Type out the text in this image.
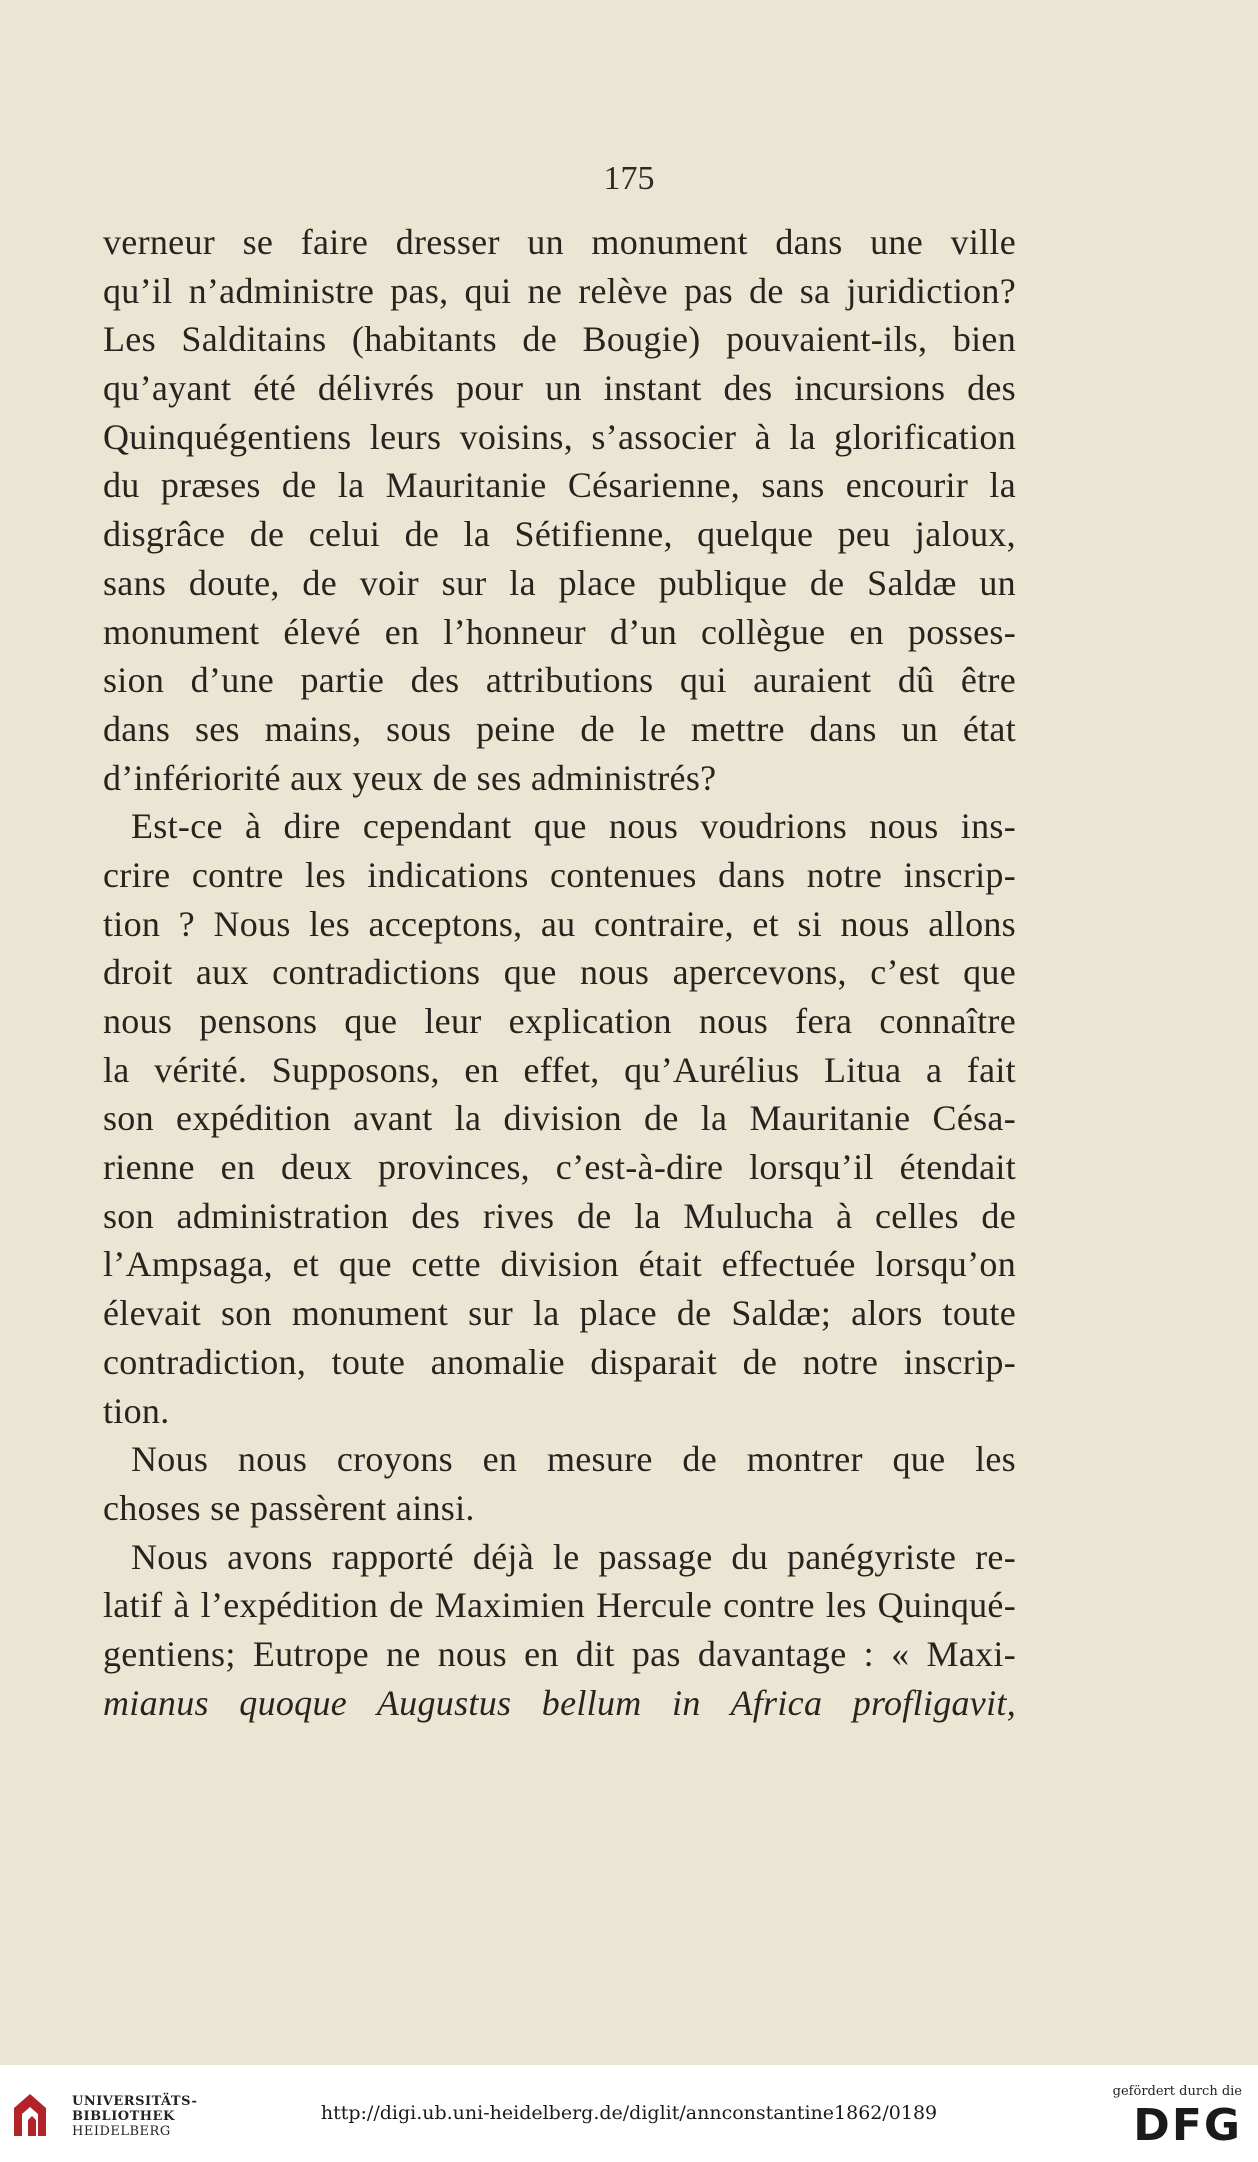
175
verneur se faire dresser un monument dans une ville
qu’il n’administre pas, qui ne relève pas de sa juridiction?
Les Salditains (habitants de Bougie) pouvaient-ils, bien
qu’ayant été délivrés pour un instant des incursions des
Quinquégentiens leurs voisins, s’associer à la glorification
du præses de la Mauritanie Césarienne, sans encourir la
disgrâce de celui de la Sétifienne, quelque peu jaloux,
sans doute, de voir sur la place publique de Saldæ un
monument élevé en l’honneur d’un collègue en posses-
sion d’une partie des attributions qui auraient dû être
dans ses mains, sous peine de le mettre dans un état
d’infériorité aux yeux de ses administrés?
Est-ce à dire cependant que nous voudrions nous ins-
crire contre les indications contenues dans notre inscrip-
tion ? Nous les acceptons, au contraire, et si nous allons
droit aux contradictions que nous apercevons, c’est que
nous pensons que leur explication nous fera connaître
la vérité. Supposons, en effet, qu’Aurélius Litua a fait
son expédition avant la division de la Mauritanie Césa-
rienne en deux provinces, c’est-à-dire lorsqu’il étendait
son administration des rives de la Mulucha à celles de
l’Ampsaga, et que cette division était effectuée lorsqu’on
élevait son monument sur la place de Saldæ; alors toute
contradiction, toute anomalie disparait de notre inscrip-
tion.
Nous nous croyons en mesure de montrer que les
choses se passèrent ainsi.
Nous avons rapporté déjà le passage du panégyriste re-
latif à l’expédition de Maximien Hercule contre les Quinqué-
gentiens; Eutrope ne nous en dit pas davantage : « Maxi-
mianus quoque Augustus bellum in Africa profligavit,
UNIVERSITÄTS-
BIBLIOTHEK
HEIDELBERG
http://digi.ub.uni-heidelberg.de/diglit/annconstantine1862/0189
gefördert durch die
DFG
